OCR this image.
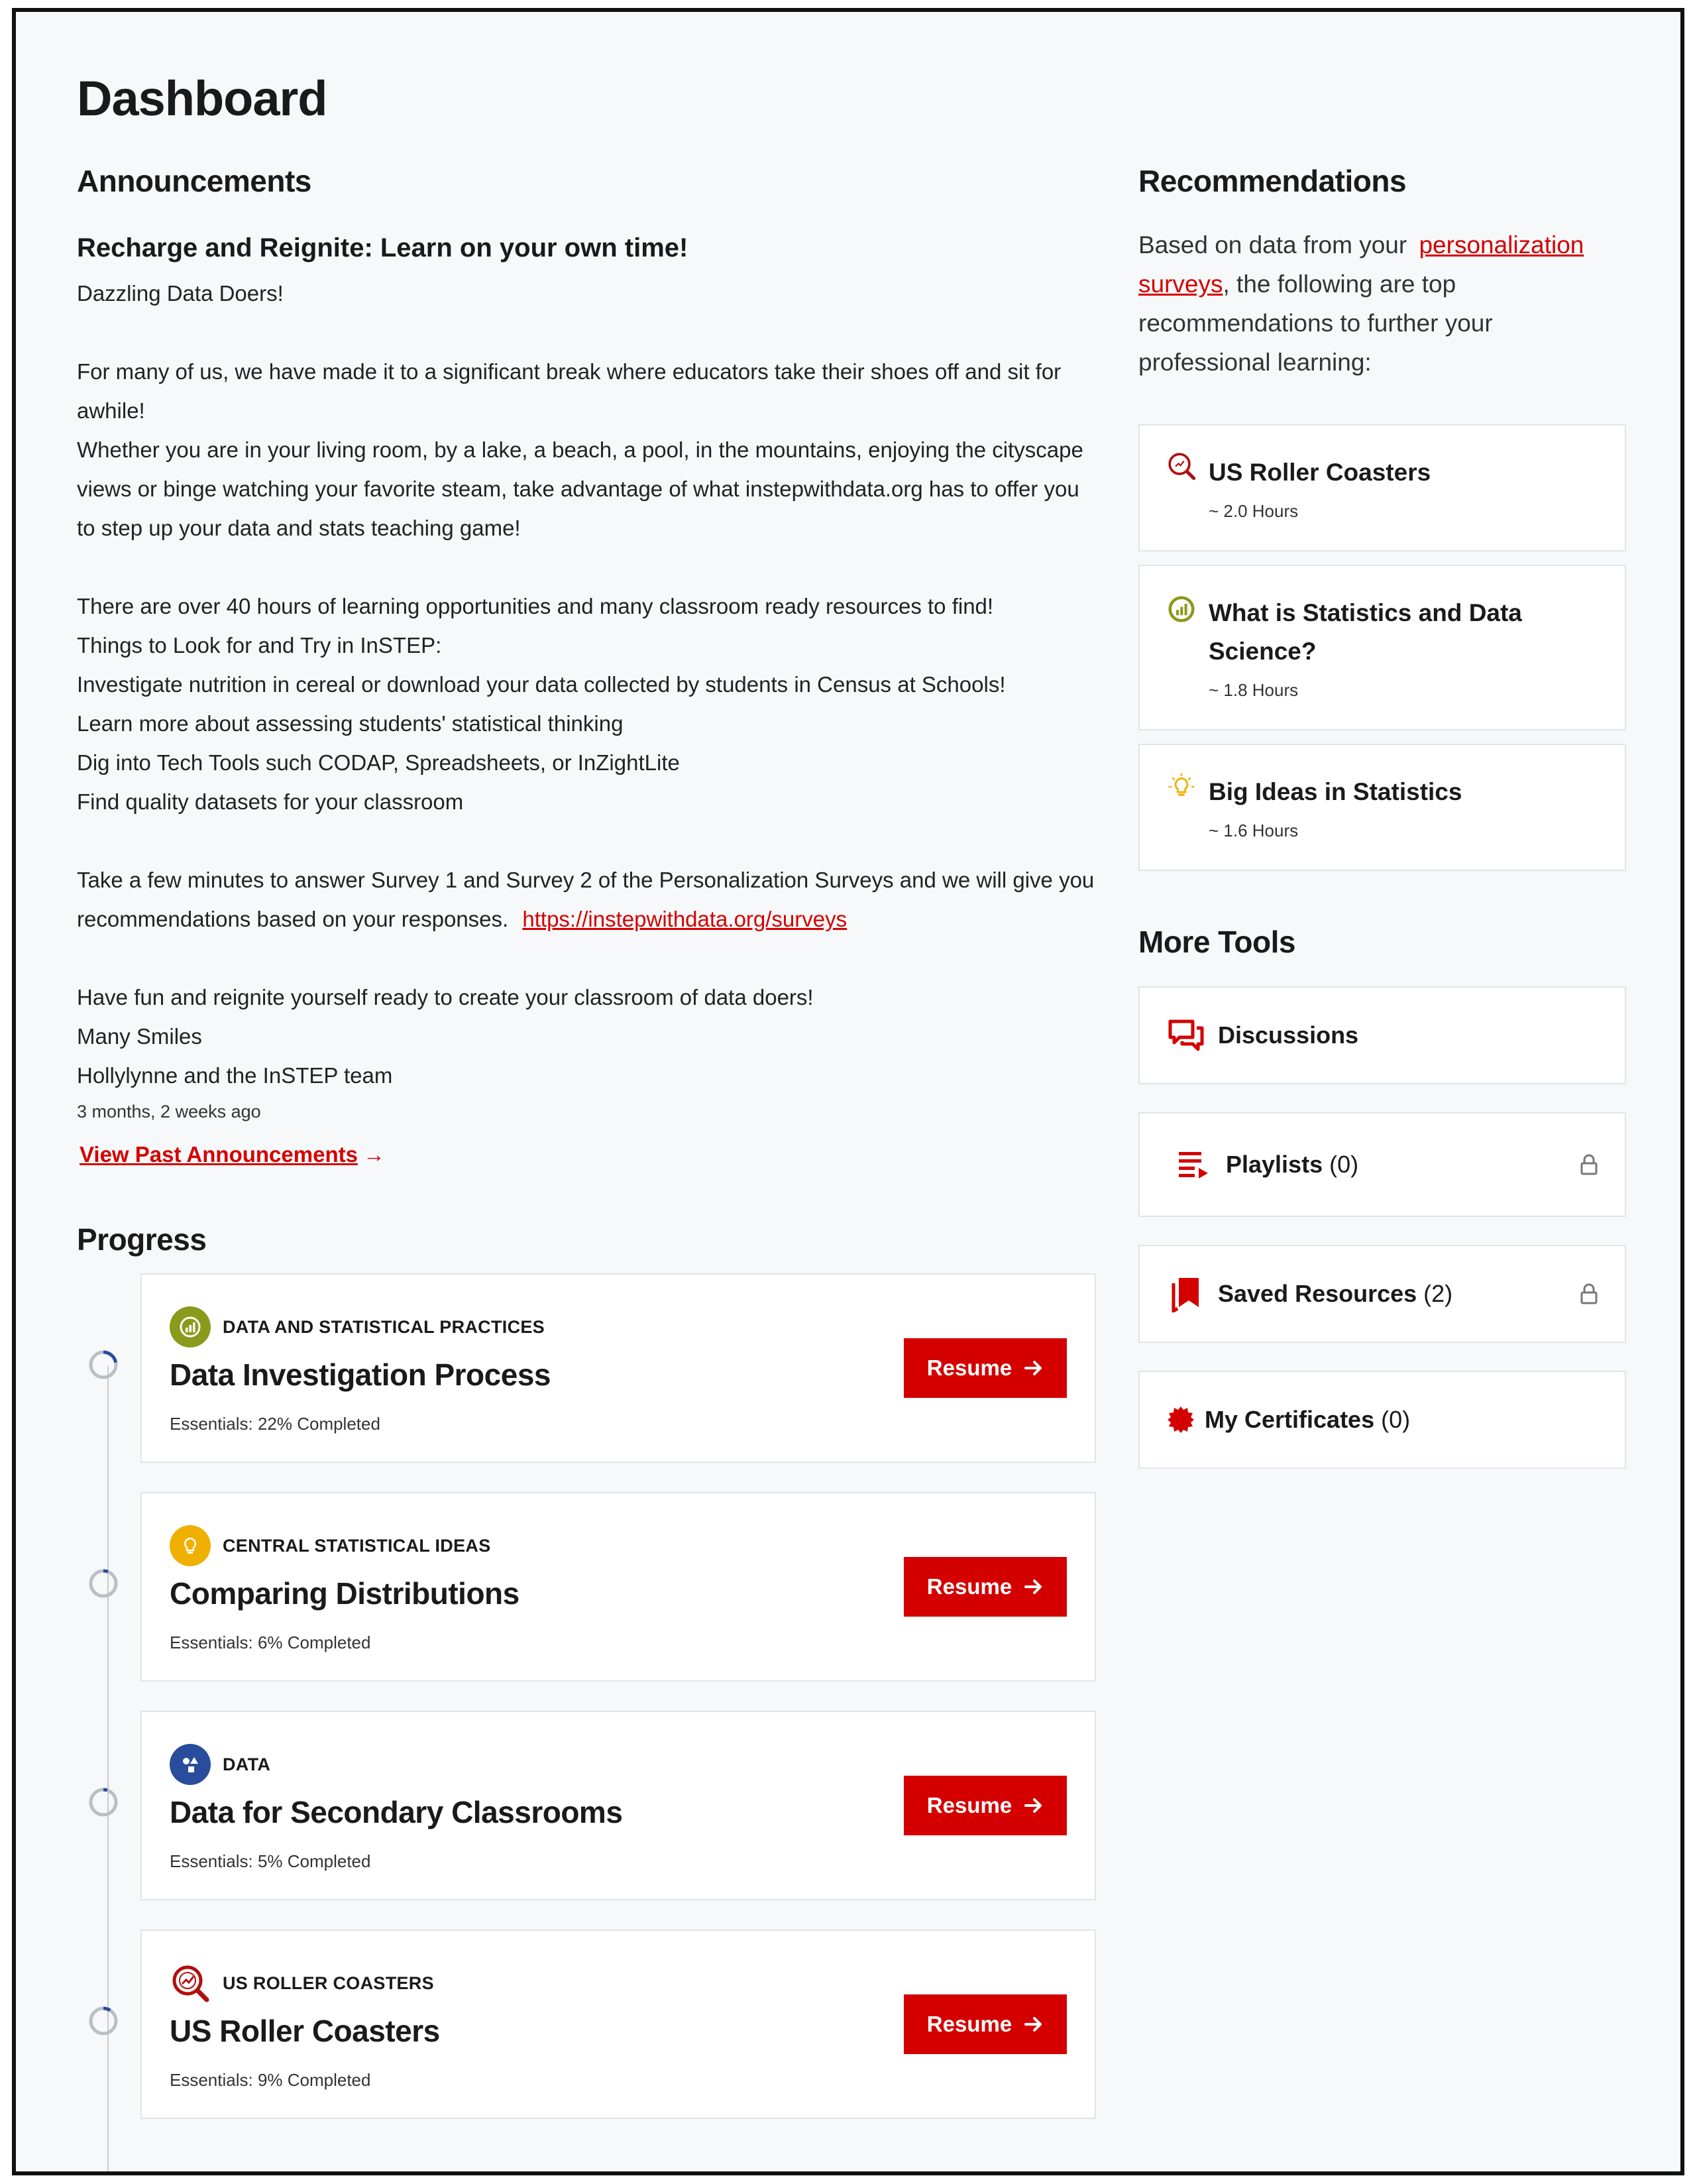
Dashboard
Announcements
Recharge and Reignite: Learn on your own time!
Dazzling Data Doers!
For many of us, we have made it to a significant break where educators take their shoes off and sit for
awhile!
Whether you are in your living room, by a lake, a beach, a pool, in the mountains, enjoying the cityscape
views or binge watching your favorite steam, take advantage of what instepwithdata.org has to offer you
to step up your data and stats teaching game!
There are over 40 hours of learning opportunities and many classroom ready resources to find!
Things to Look for and Try in InSTEP:
Investigate nutrition in cereal or download your data collected by students in Census at Schools!
Learn more about assessing students' statistical thinking
Dig into Tech Tools such CODAP, Spreadsheets, or InZightLite
Find quality datasets for your classroom
Take a few minutes to answer Survey 1 and Survey 2 of the Personalization Surveys and we will give you
recommendations based on your responses. https://instepwithdata.org/surveys
Have fun and reignite yourself ready to create your classroom of data doers!
Many Smiles
Hollylynne and the InSTEP team
3 months, 2 weeks ago
View Past Announcements →
Progress
DATA AND STATISTICAL PRACTICES
Data Investigation Process
Essentials: 22% Completed
Resume
CENTRAL STATISTICAL IDEAS
Comparing Distributions
Essentials: 6% Completed
Resume
DATA
Data for Secondary Classrooms
Essentials: 5% Completed
Resume
US ROLLER COASTERS
US Roller Coasters
Essentials: 9% Completed
Resume
Recommendations

Based on data from your personalization surveys, the following are top recommendations to further your professional learning:

US Roller Coasters
~ 2.0 Hours
What is Statistics and Data Science?
~ 1.8 Hours
Big Ideas in Statistics
~ 1.6 Hours
More Tools
Discussions
Playlists (0)
Saved Resources (2)
My Certificates (0)
